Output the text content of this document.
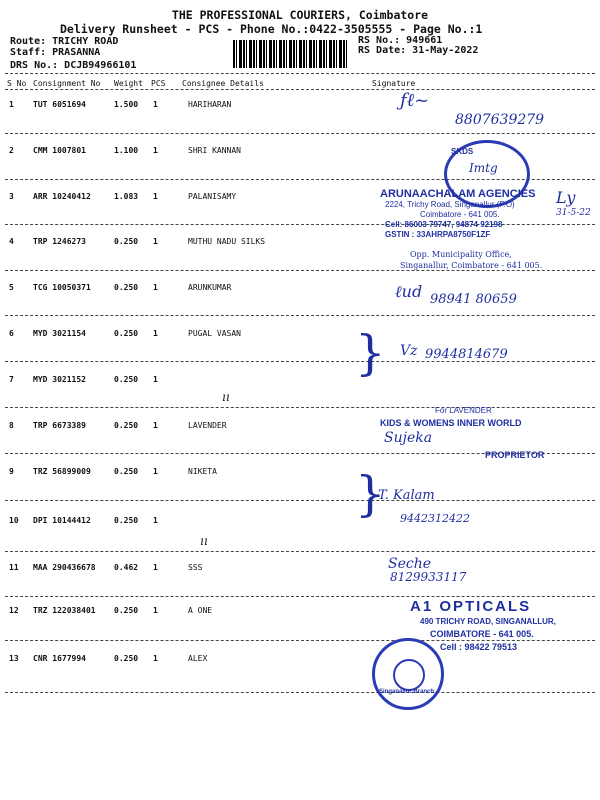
THE PROFESSIONAL COURIERS, Coimbatore
Delivery Runsheet - PCS - Phone No.:0422-3505555 - Page No.:1
Route: TRICHY ROAD
Staff: PRASANNA
DRS No.: DCJB94966101
RS No.: 949661
RS Date: 31-May-2022
S No Consignment No Weight PCS Consignee Details	Signature
1 TUT 6051694	1.500 1	HARIHARAN
2 CMM 1007801	1.100 1	SHRI KANNAN
3 ARR 10240412	1.083 1	PALANISAMY
4 TRP 1246273	0.250 1	MUTHU NADU SILKS
5 TCG 10050371	0.250 1	ARUNKUMAR
6 MYD 3021154	0.250 1	PUGAL VASAN
7 MYD 3021152	0.250 1
8 TRP 6673389	0.250 1	LAVENDER
9 TRZ 56899009	0.250 1	NIKETA
10 DPI 10144412	0.250 1
11 MAA 290436678 0.462 1	SSS
12 TRZ 122038401 0.250 1	A ONE
13 CNR 1677994	0.250 1	ALEX
ƒℓ~
8807639279
SKDS
Imtg
ARUNAACHALAM AGENCIES
2224, Trichy Road, Singanallur (P.O)
Coimbatore - 641 005.
Cell: 86003 79747, 94874 92198
GSTIN : 33AHRPA8750F1ZF
Ly
31-5-22
Opp. Municipality Office,
Singanallur, Coimbatore - 641 005.
ℓud 98941 80659
} Vz 9944814679
ıı
For LAVENDER
KIDS & WOMENS INNER WORLD
Sujeka
PROPRIETOR
}
T. Kalam
9442312422
ıı
Seche
8129933117
A1 OPTICALS
490 TRICHY ROAD, SINGANALLUR,
COIMBATORE - 641 005.
Cell : 98422 79513
Singanallur Branch
